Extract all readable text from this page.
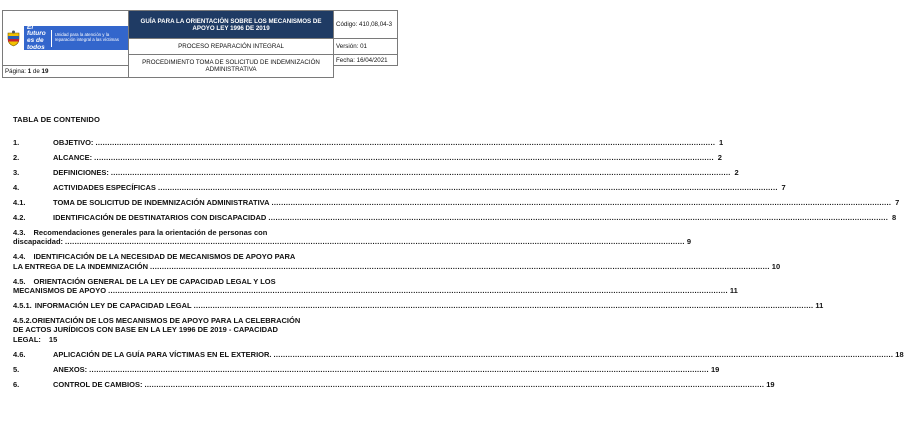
El futuro es de todos
Unidad para la atención y la reparación integral a las víctimas	GUÍA PARA LA ORIENTACIÓN SOBRE LOS MECANISMOS DE APOYO LEY 1996 DE 2019	Código: 410,08,04-3
	PROCESO REPARACIÓN INTEGRAL	Versión: 01
	PROCEDIMIENTO TOMA DE SOLICITUD DE INDEMNIZACIÓN ADMINISTRATIVA	Fecha: 16/04/2021
Página: 1 de 19		
TABLA DE CONTENIDO
1.	OBJETIVO: .....	1
2.	ALCANCE: .....	2
3.	DEFINICIONES: .....	2
4.	ACTIVIDADES ESPECÍFICAS .....	7
4.1.	TOMA DE SOLICITUD DE INDEMNIZACIÓN ADMINISTRATIVA .....	7
4.2.	IDENTIFICACIÓN DE DESTINATARIOS CON DISCAPACIDAD .....	8
4.3. Recomendaciones generales para la orientación de personas con
discapacidad: .....	9
4.4. IDENTIFICACIÓN DE LA NECESIDAD DE MECANISMOS DE APOYO PARA
LA ENTREGA DE LA INDEMNIZACIÓN .....	10
4.5. ORIENTACIÓN GENERAL DE LA LEY DE CAPACIDAD LEGAL Y LOS
MECANISMOS DE APOYO .....	11
4.5.1. INFORMACIÓN LEY DE CAPACIDAD LEGAL .....	11
4.5.2.ORIENTACIÓN DE LOS MECANISMOS DE APOYO PARA LA CELEBRACIÓN
DE ACTOS JURÍDICOS CON BASE EN LA LEY 1996 DE 2019 - CAPACIDAD
LEGAL: 15
4.6.	APLICACIÓN DE LA GUÍA PARA VÍCTIMAS EN EL EXTERIOR. .....	18
5.	ANEXOS: .....	19
6.	CONTROL DE CAMBIOS: .....	19
